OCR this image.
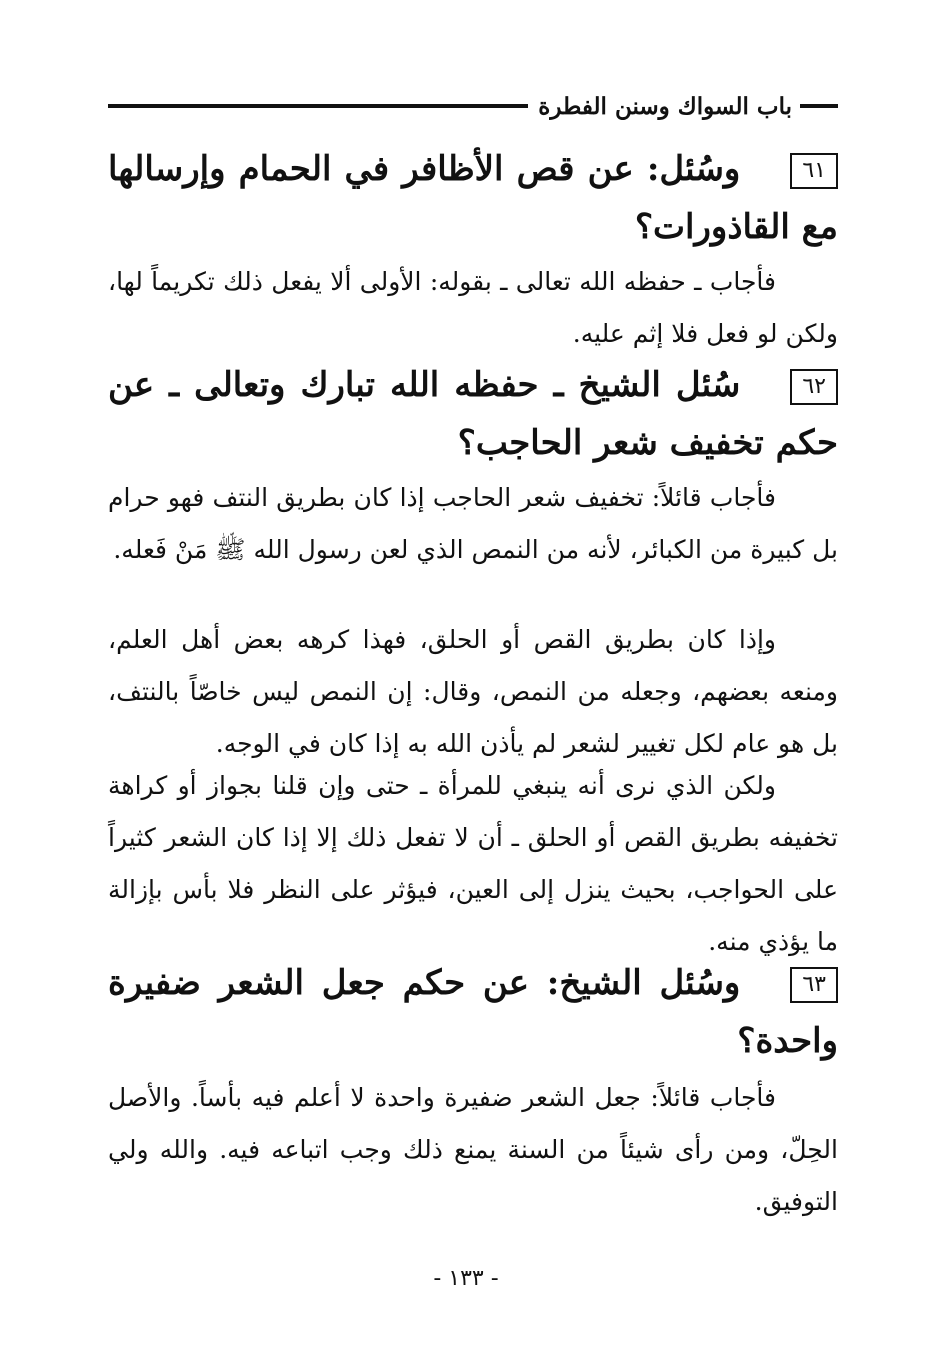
باب السواك وسنن الفطرة
٦١وسُئل: عن قص الأظافر في الحمام وإرسالها مع القاذورات؟
فأجاب ـ حفظه الله تعالى ـ بقوله: الأولى ألا يفعل ذلك تكريماً لها، ولكن لو فعل فلا إثم عليه.
٦٢سُئل الشيخ ـ حفظه الله تبارك وتعالى ـ عن حكم تخفيف شعر الحاجب؟
فأجاب قائلاً: تخفيف شعر الحاجب إذا كان بطريق النتف فهو حرام بل كبيرة من الكبائر، لأنه من النمص الذي لعن رسول الله ﷺ مَنْ فَعله.
وإذا كان بطريق القص أو الحلق، فهذا كرهه بعض أهل العلم، ومنعه بعضهم، وجعله من النمص، وقال: إن النمص ليس خاصّاً بالنتف، بل هو عام لكل تغيير لشعر لم يأذن الله به إذا كان في الوجه.
ولكن الذي نرى أنه ينبغي للمرأة ـ حتى وإن قلنا بجواز أو كراهة تخفيفه بطريق القص أو الحلق ـ أن لا تفعل ذلك إلا إذا كان الشعر كثيراً على الحواجب، بحيث ينزل إلى العين، فيؤثر على النظر فلا بأس بإزالة ما يؤذي منه.
٦٣وسُئل الشيخ: عن حكم جعل الشعر ضفيرة واحدة؟
فأجاب قائلاً: جعل الشعر ضفيرة واحدة لا أعلم فيه بأساً. والأصل الحِلّ، ومن رأى شيئاً من السنة يمنع ذلك وجب اتباعه فيه. والله ولي التوفيق.
- ١٣٣ -
